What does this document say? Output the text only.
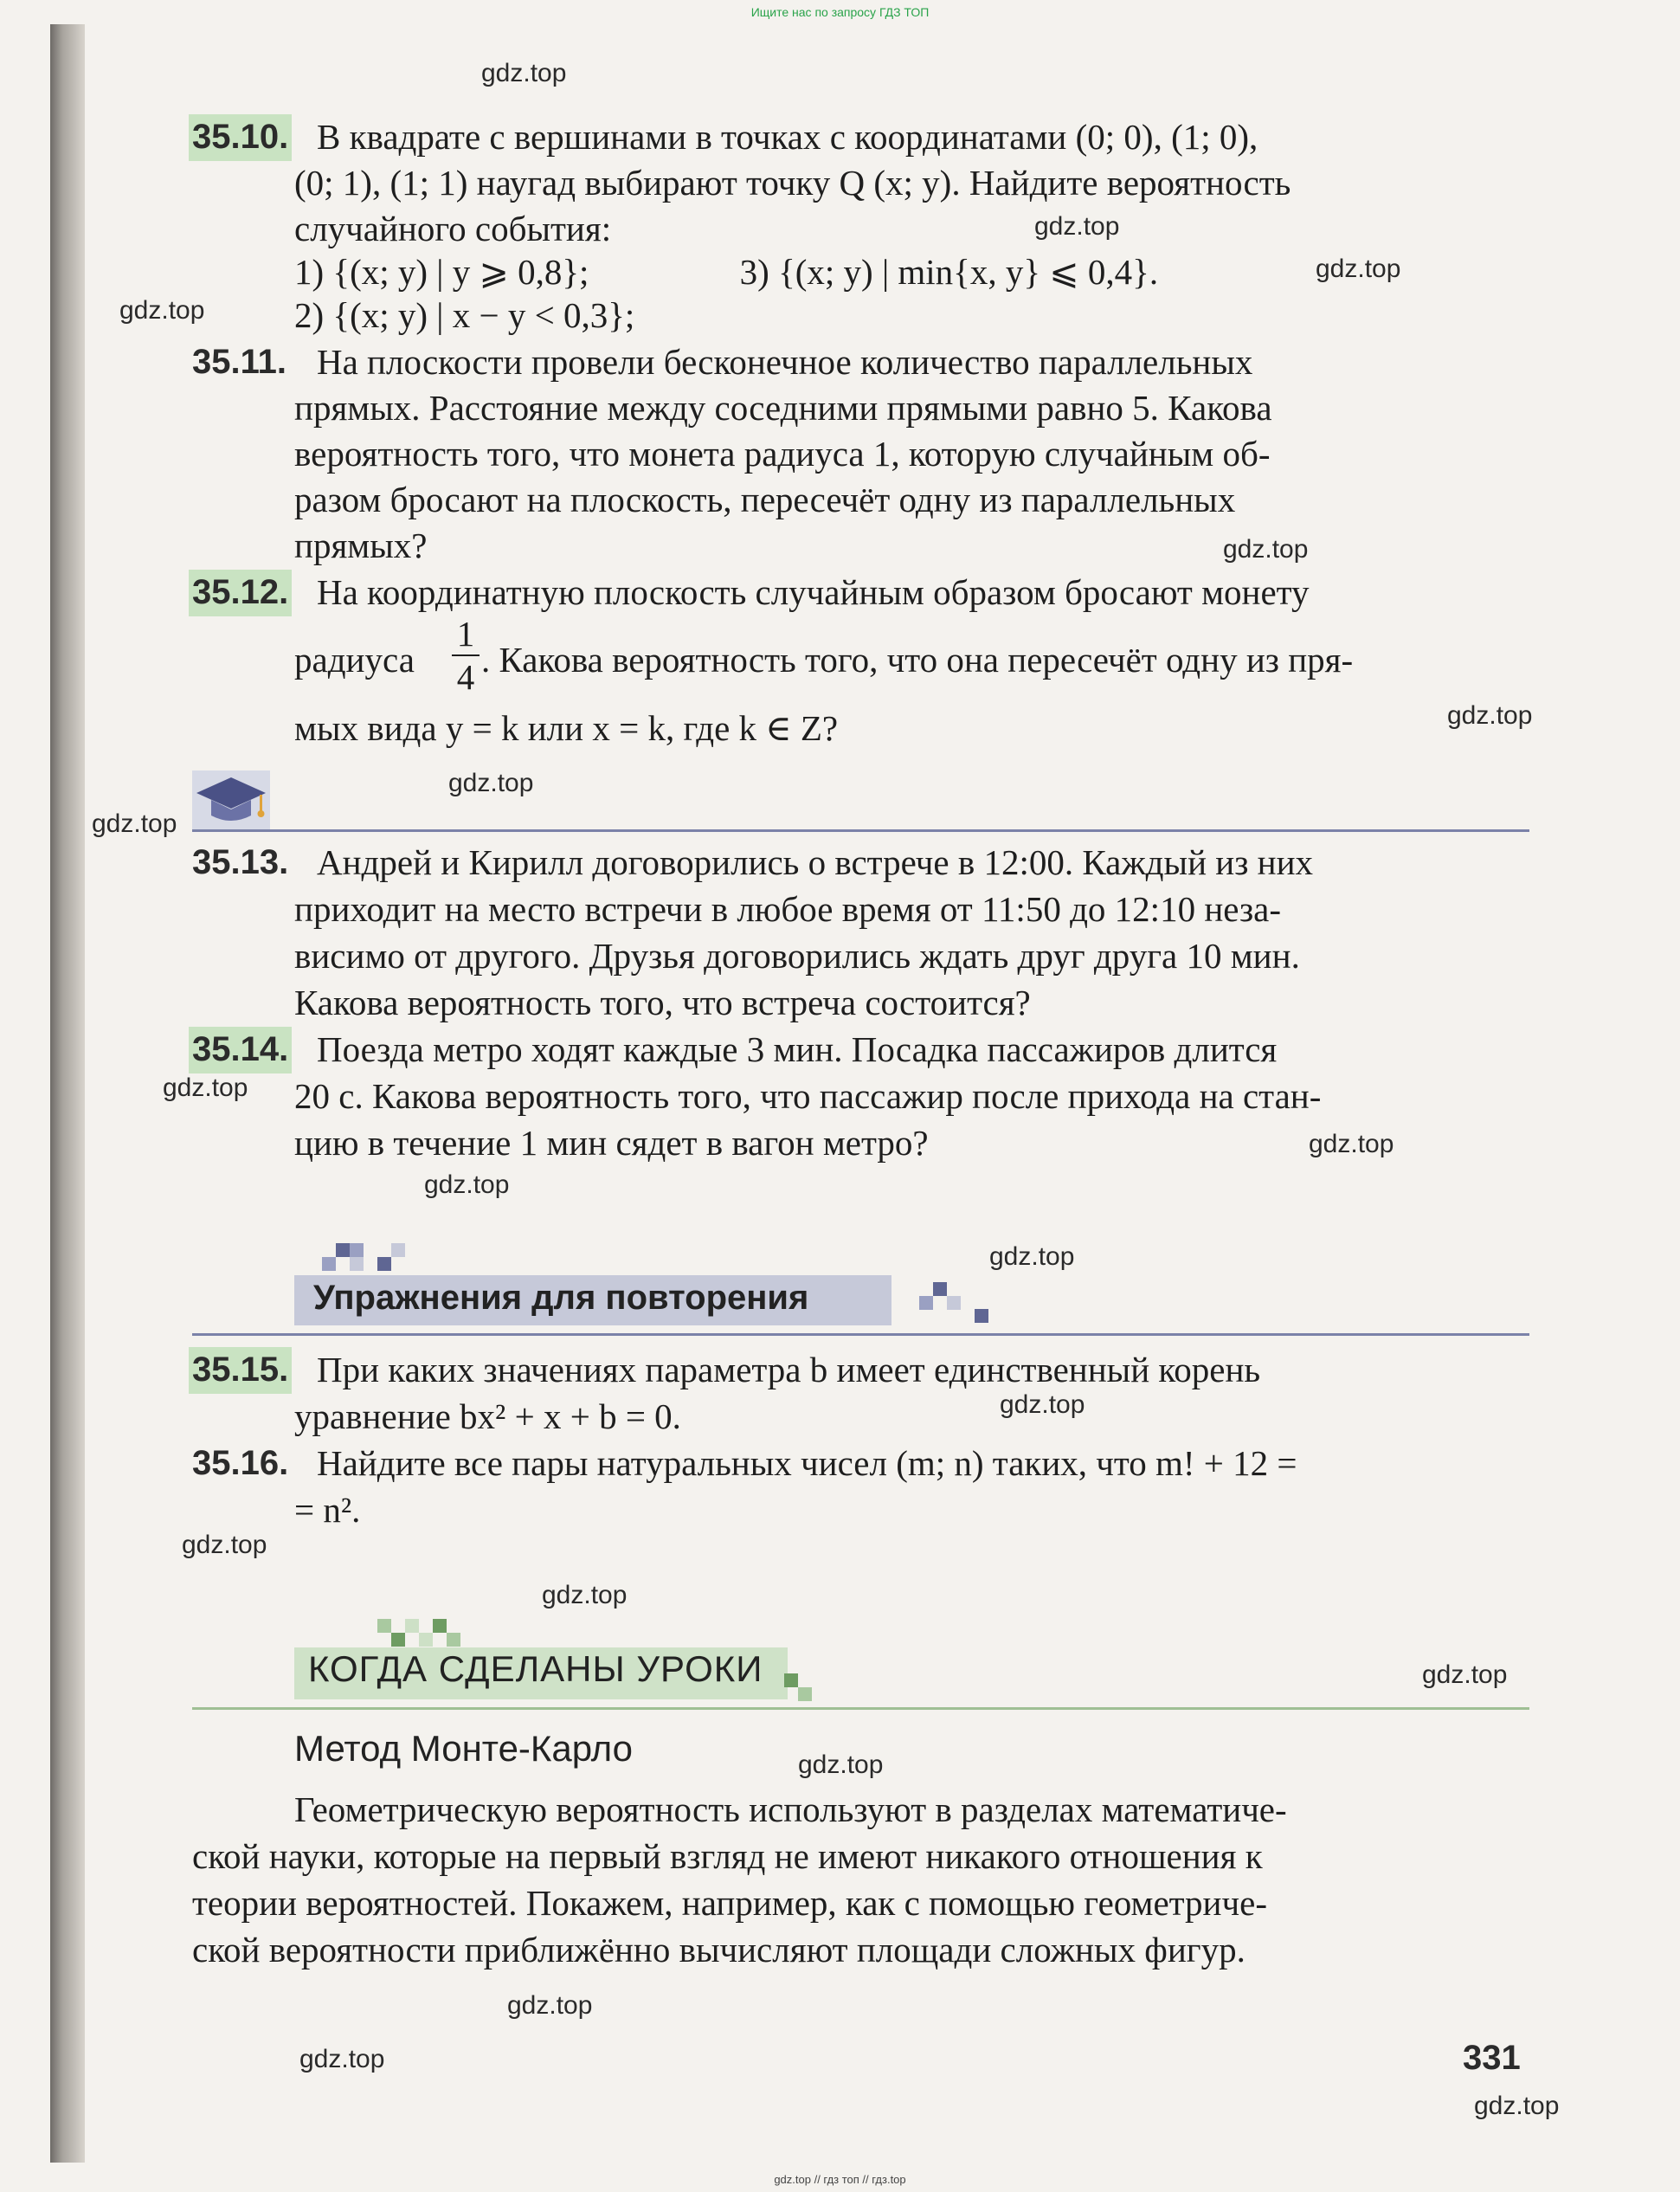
Ищите нас по запросу ГДЗ ТОП
35.10. В квадрате с вершинами в точках с координатами (0; 0), (1; 0),
(0; 1), (1; 1) наугад выбирают точку Q (x; y). Найдите вероятность
случайного события:
1) {(x; y) | y ⩾ 0,8};                 3) {(x; y) | min{x, y} ⩽ 0,4}.
2) {(x; y) | x − y < 0,3};
35.11. На плоскости провели бесконечное количество параллельных
прямых. Расстояние между соседними прямыми равно 5. Какова
вероятность того, что монета радиуса 1, которую случайным об-
разом бросают на плоскость, пересечёт одну из параллельных
прямых?
35.12. На координатную плоскость случайным образом бросают монету
радиуса
1
4 . Какова вероятность того, что она пересечёт одну из пря-
мых вида y = k или x = k, где k ∈ Z?
35.13. Андрей и Кирилл договорились о встрече в 12:00. Каждый из них
приходит на место встречи в любое время от 11:50 до 12:10 неза-
висимо от другого. Друзья договорились ждать друг друга 10 мин.
Какова вероятность того, что встреча состоится?
35.14. Поезда метро ходят каждые 3 мин. Посадка пассажиров длится
20 с. Какова вероятность того, что пассажир после прихода на стан-
цию в течение 1 мин сядет в вагон метро?
Упражнения для повторения
35.15. При каких значениях параметра b имеет единственный корень
уравнение bx² + x + b = 0.
35.16. Найдите все пары натуральных чисел (m; n) таких, что m! + 12 =
= n².
КОГДА СДЕЛАНЫ УРОКИ
Метод Монте-Карло
Геометрическую вероятность используют в разделах математиче-
ской науки, которые на первый взгляд не имеют никакого отношения к
теории вероятностей. Покажем, например, как с помощью геометриче-
ской вероятности приближённо вычисляют площади сложных фигур.
331
gdz.top
gdz.top
gdz.top
gdz.top
gdz.top
gdz.top
gdz.top
gdz.top
gdz.top
gdz.top
gdz.top
gdz.top
gdz.top
gdz.top
gdz.top
gdz.top
gdz.top
gdz.top
gdz.top
gdz.top
gdz.top // гдз топ // гдз.top
